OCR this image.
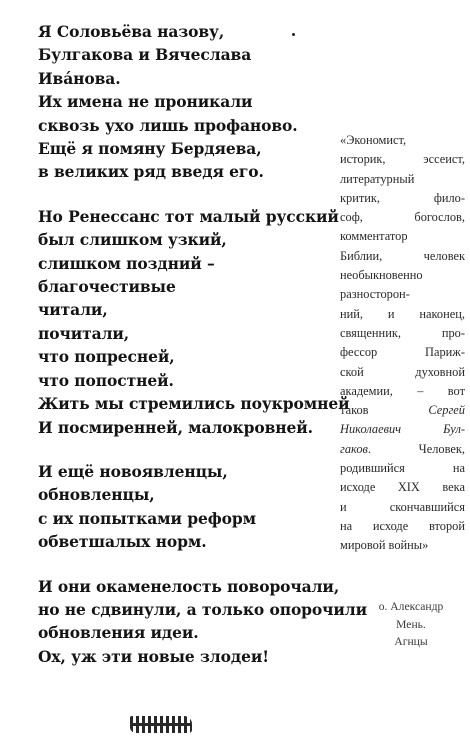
Я Соловьёва назову,
Булгакова и Вячеслава
Ива́нова.
Их имена не проникали
сквозь ухо лишь профаново.
Ещё я помяну Бердяева,
в великих ряд введя его.
Но Ренессанс тот малый русский
был слишком узкий,
слишком поздний –
благочестивые
читали,
почитали,
что попресней,
что попостней.
Жить мы стремились поукромней
И посмиренней, малокровней.
И ещё новоявленцы,
обновленцы,
с их попытками реформ
обветшалых норм.
И они окаменелость поворочали,
но не сдвинули, а только опорочили
обновления идеи.
Ох, уж эти новые злодеи!
«Экономист,
историк, эссеист,
литературный
критик, фило-
соф, богослов,
комментатор
Библии, человек
необыкновенно
разносторон-
ний, и наконец,
священник, про-
фессор Париж-
ской духовной
академии, – вот
таков Сергей
Николаевич Бул-
гаков. Человек,
родившийся на
исходе XIX века
и скончавшийся
на исходе второй
мировой войны»
о. Александр
Мень.
Агнцы
